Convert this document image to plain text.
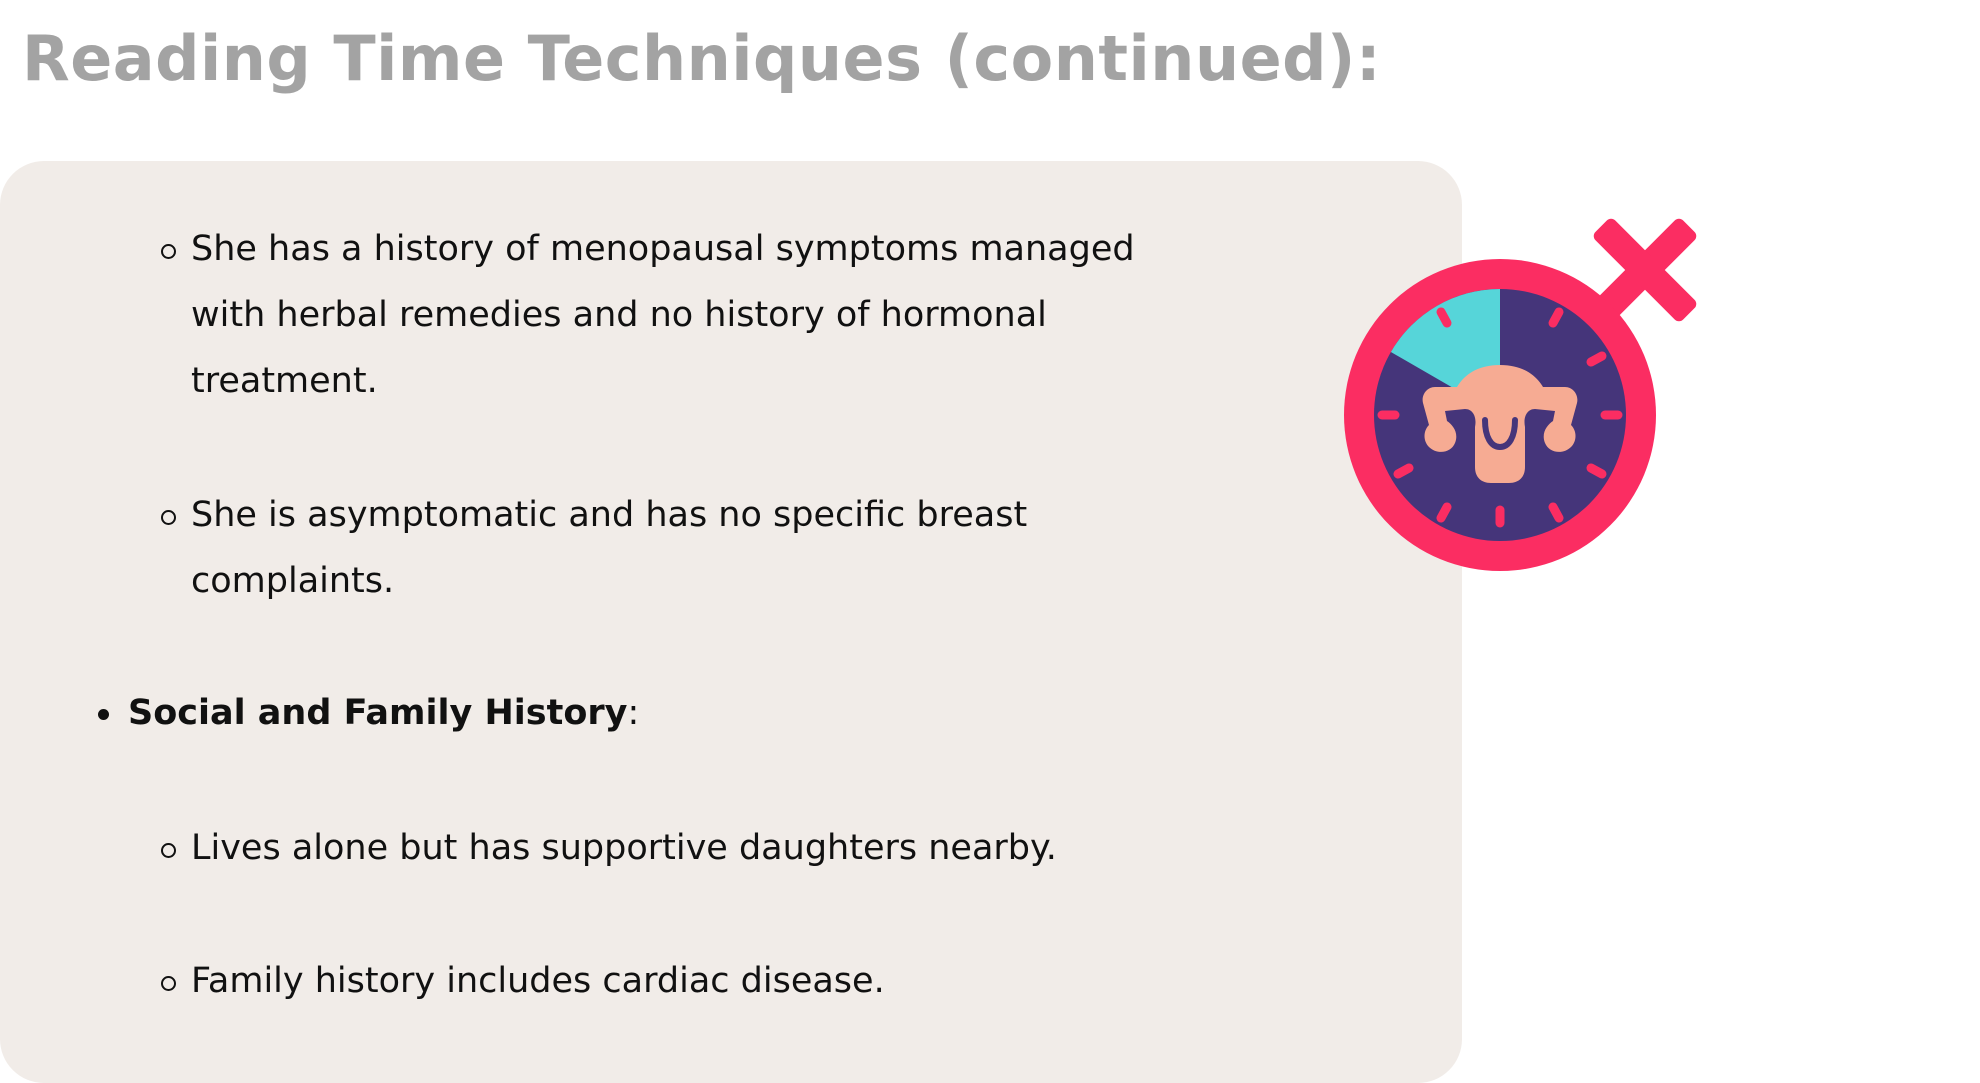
Reading Time Techniques (continued):
She has a history of menopausal symptoms managed with herbal remedies and no history of hormonal treatment.
She is asymptomatic and has no specific breast complaints.
Social and Family History:
Lives alone but has supportive daughters nearby.
Family history includes cardiac disease.
